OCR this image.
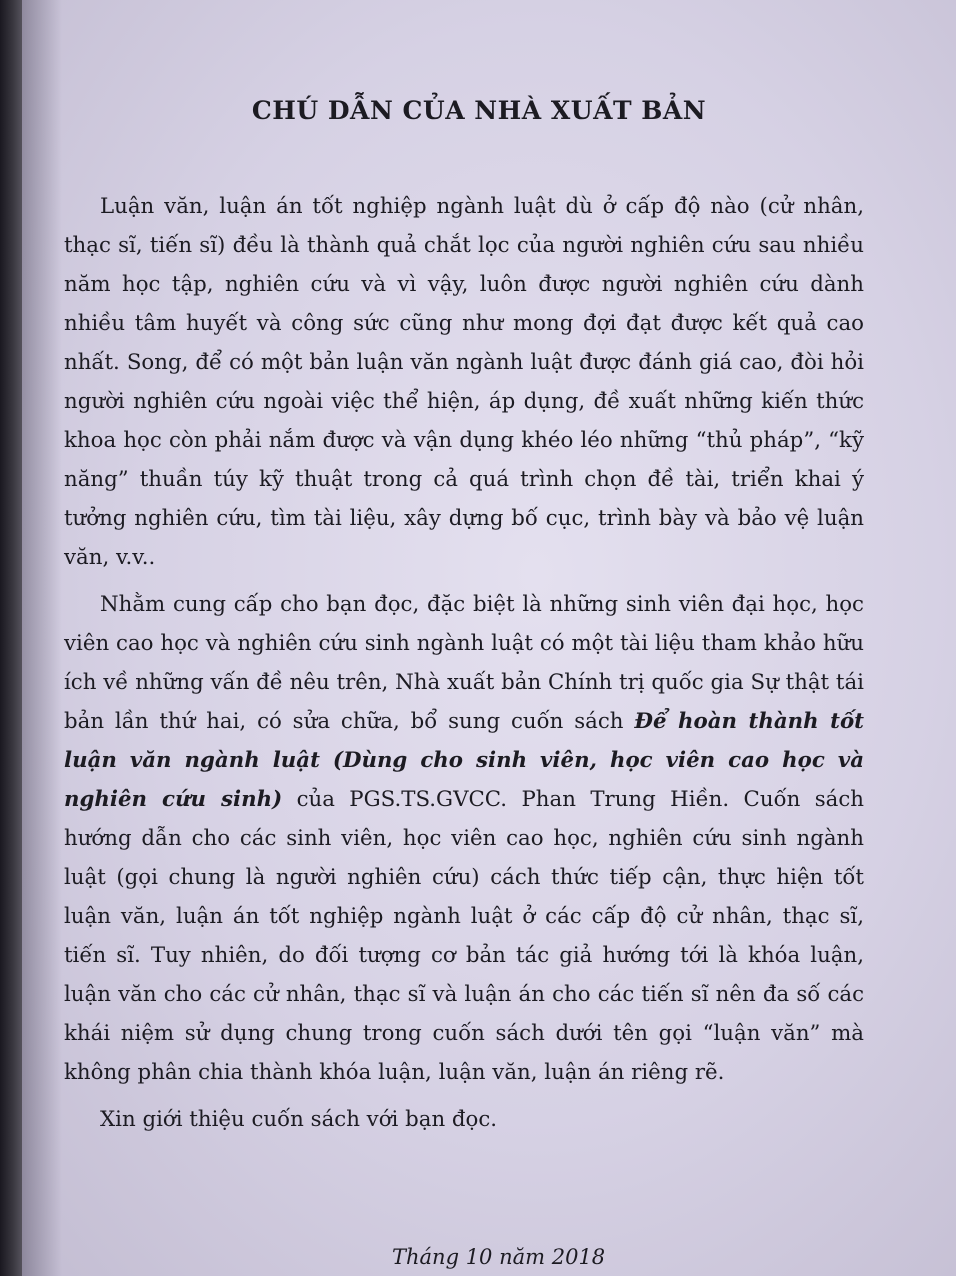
CHÚ DẪN CỦA NHÀ XUẤT BẢN

Luận văn, luận án tốt nghiệp ngành luật dù ở cấp độ nào (cử nhân, thạc sĩ, tiến sĩ) đều là thành quả chắt lọc của người nghiên cứu sau nhiều năm học tập, nghiên cứu và vì vậy, luôn được người nghiên cứu dành nhiều tâm huyết và công sức cũng như mong đợi đạt được kết quả cao nhất. Song, để có một bản luận văn ngành luật được đánh giá cao, đòi hỏi người nghiên cứu ngoài việc thể hiện, áp dụng, đề xuất những kiến thức khoa học còn phải nắm được và vận dụng khéo léo những “thủ pháp”, “kỹ năng” thuần túy kỹ thuật trong cả quá trình chọn đề tài, triển khai ý tưởng nghiên cứu, tìm tài liệu, xây dựng bố cục, trình bày và bảo vệ luận văn, v.v..

Nhằm cung cấp cho bạn đọc, đặc biệt là những sinh viên đại học, học viên cao học và nghiên cứu sinh ngành luật có một tài liệu tham khảo hữu ích về những vấn đề nêu trên, Nhà xuất bản Chính trị quốc gia Sự thật tái bản lần thứ hai, có sửa chữa, bổ sung cuốn sách Để hoàn thành tốt luận văn ngành luật (Dùng cho sinh viên, học viên cao học và nghiên cứu sinh) của PGS.TS.GVCC. Phan Trung Hiền. Cuốn sách hướng dẫn cho các sinh viên, học viên cao học, nghiên cứu sinh ngành luật (gọi chung là người nghiên cứu) cách thức tiếp cận, thực hiện tốt luận văn, luận án tốt nghiệp ngành luật ở các cấp độ cử nhân, thạc sĩ, tiến sĩ. Tuy nhiên, do đối tượng cơ bản tác giả hướng tới là khóa luận, luận văn cho các cử nhân, thạc sĩ và luận án cho các tiến sĩ nên đa số các khái niệm sử dụng chung trong cuốn sách dưới tên gọi “luận văn” mà không phân chia thành khóa luận, luận văn, luận án riêng rẽ.

Xin giới thiệu cuốn sách với bạn đọc.

Tháng 10 năm 2018
